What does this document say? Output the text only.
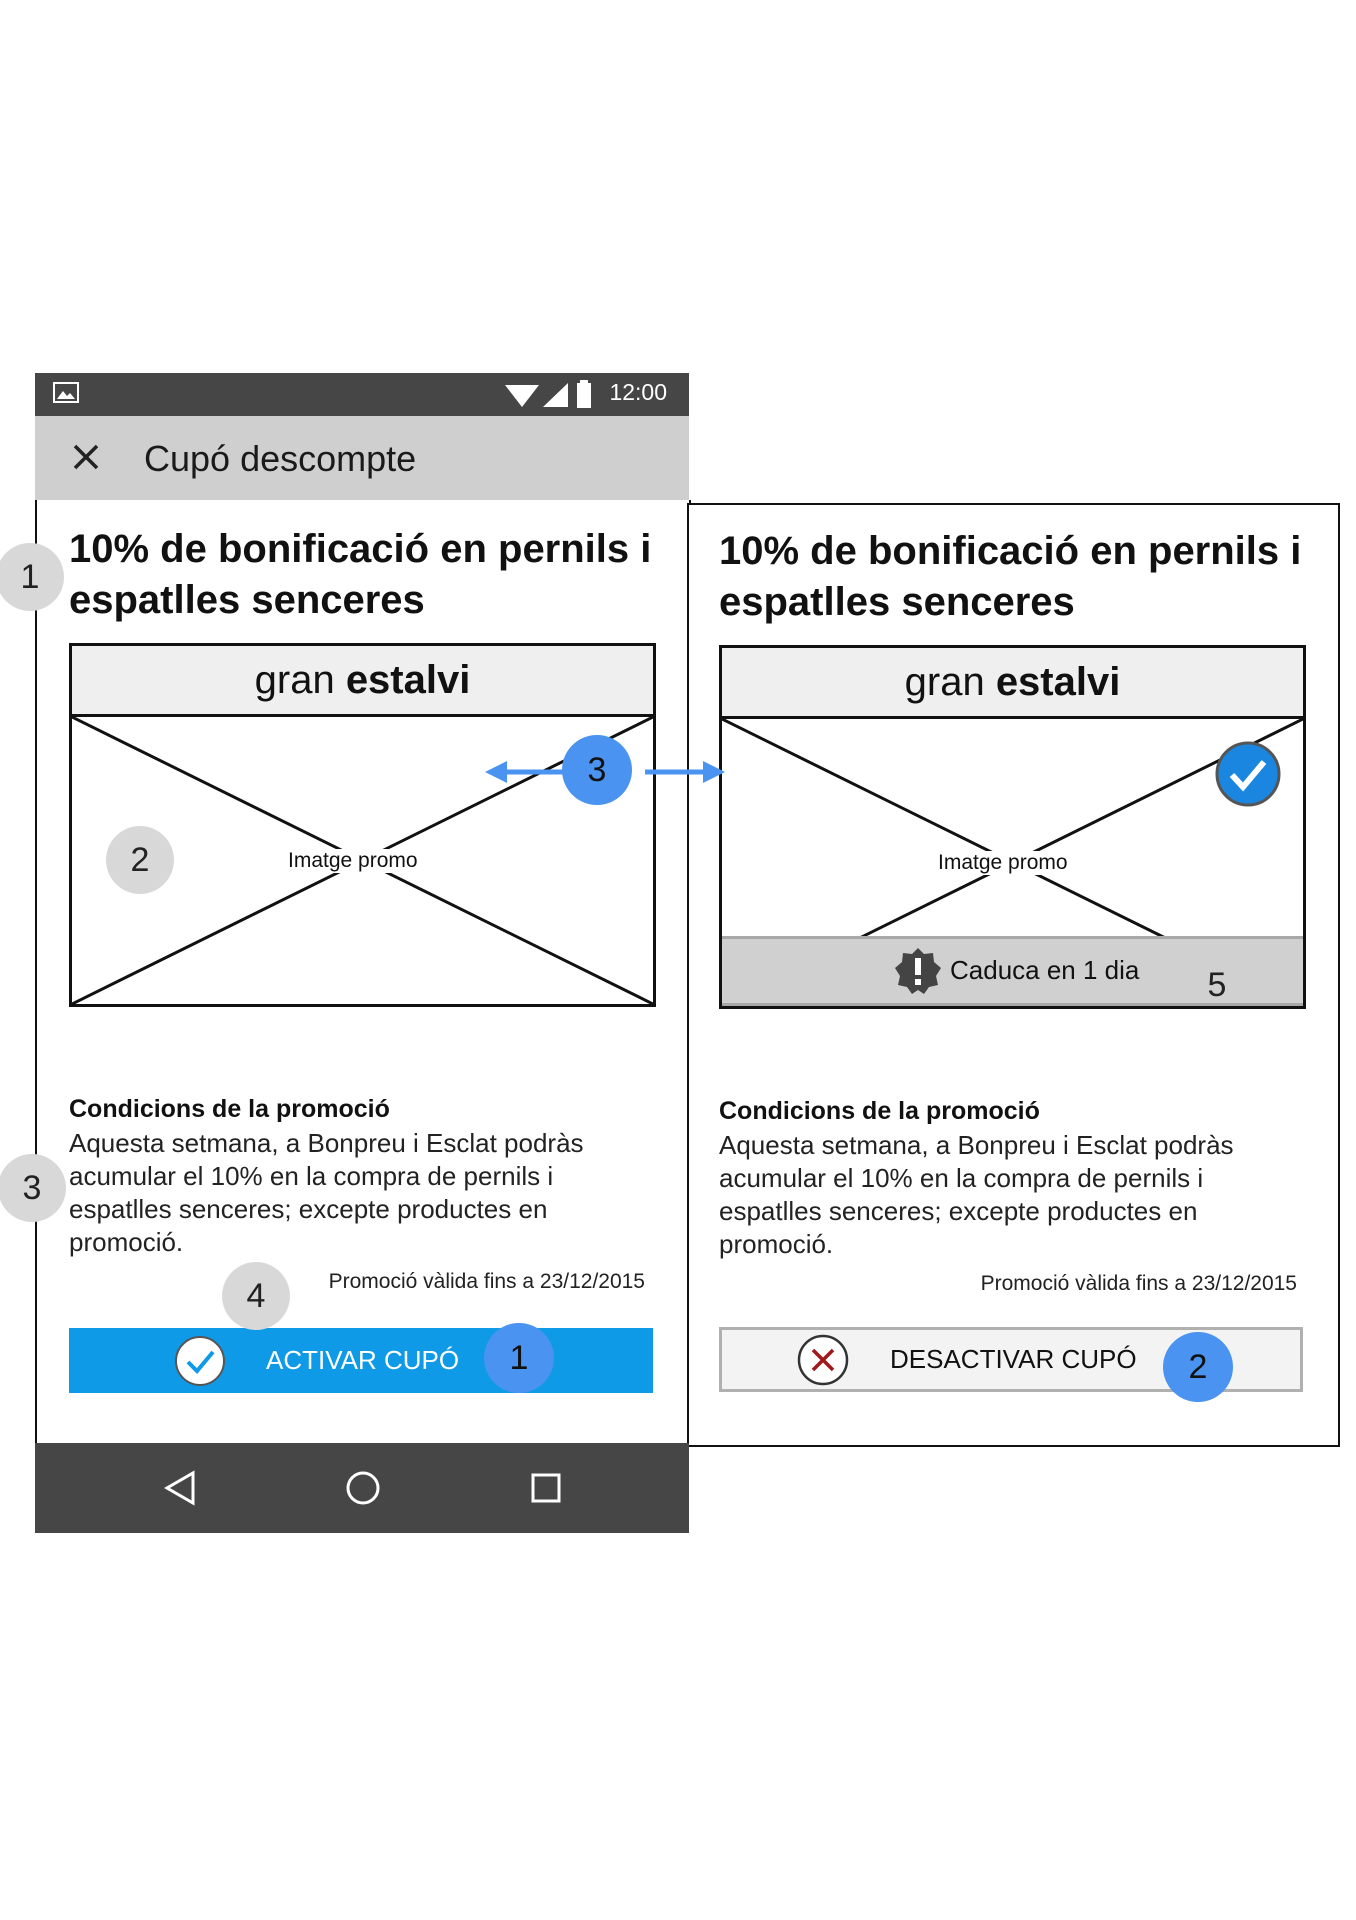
12:00
Cupó descompte
10% de bonificació en pernils i
espatlles senceres
gran estalvi
Imatge promo
Condicions de la promoció
Aquesta setmana, a Bonpreu i Esclat podràs
acumular el 10% en la compra de pernils i
espatlles senceres; excepte productes en
promoció.
Promoció vàlida fins a 23/12/2015
ACTIVAR CUPÓ
10% de bonificació en pernils i
espatlles senceres
gran estalvi
Imatge promo
Caduca en 1 dia
Condicions de la promoció
Aquesta setmana, a Bonpreu i Esclat podràs
acumular el 10% en la compra de pernils i
espatlles senceres; excepte productes en
promoció.
Promoció vàlida fins a 23/12/2015
DESACTIVAR CUPÓ
1
2
3
4
5
3
1	2
